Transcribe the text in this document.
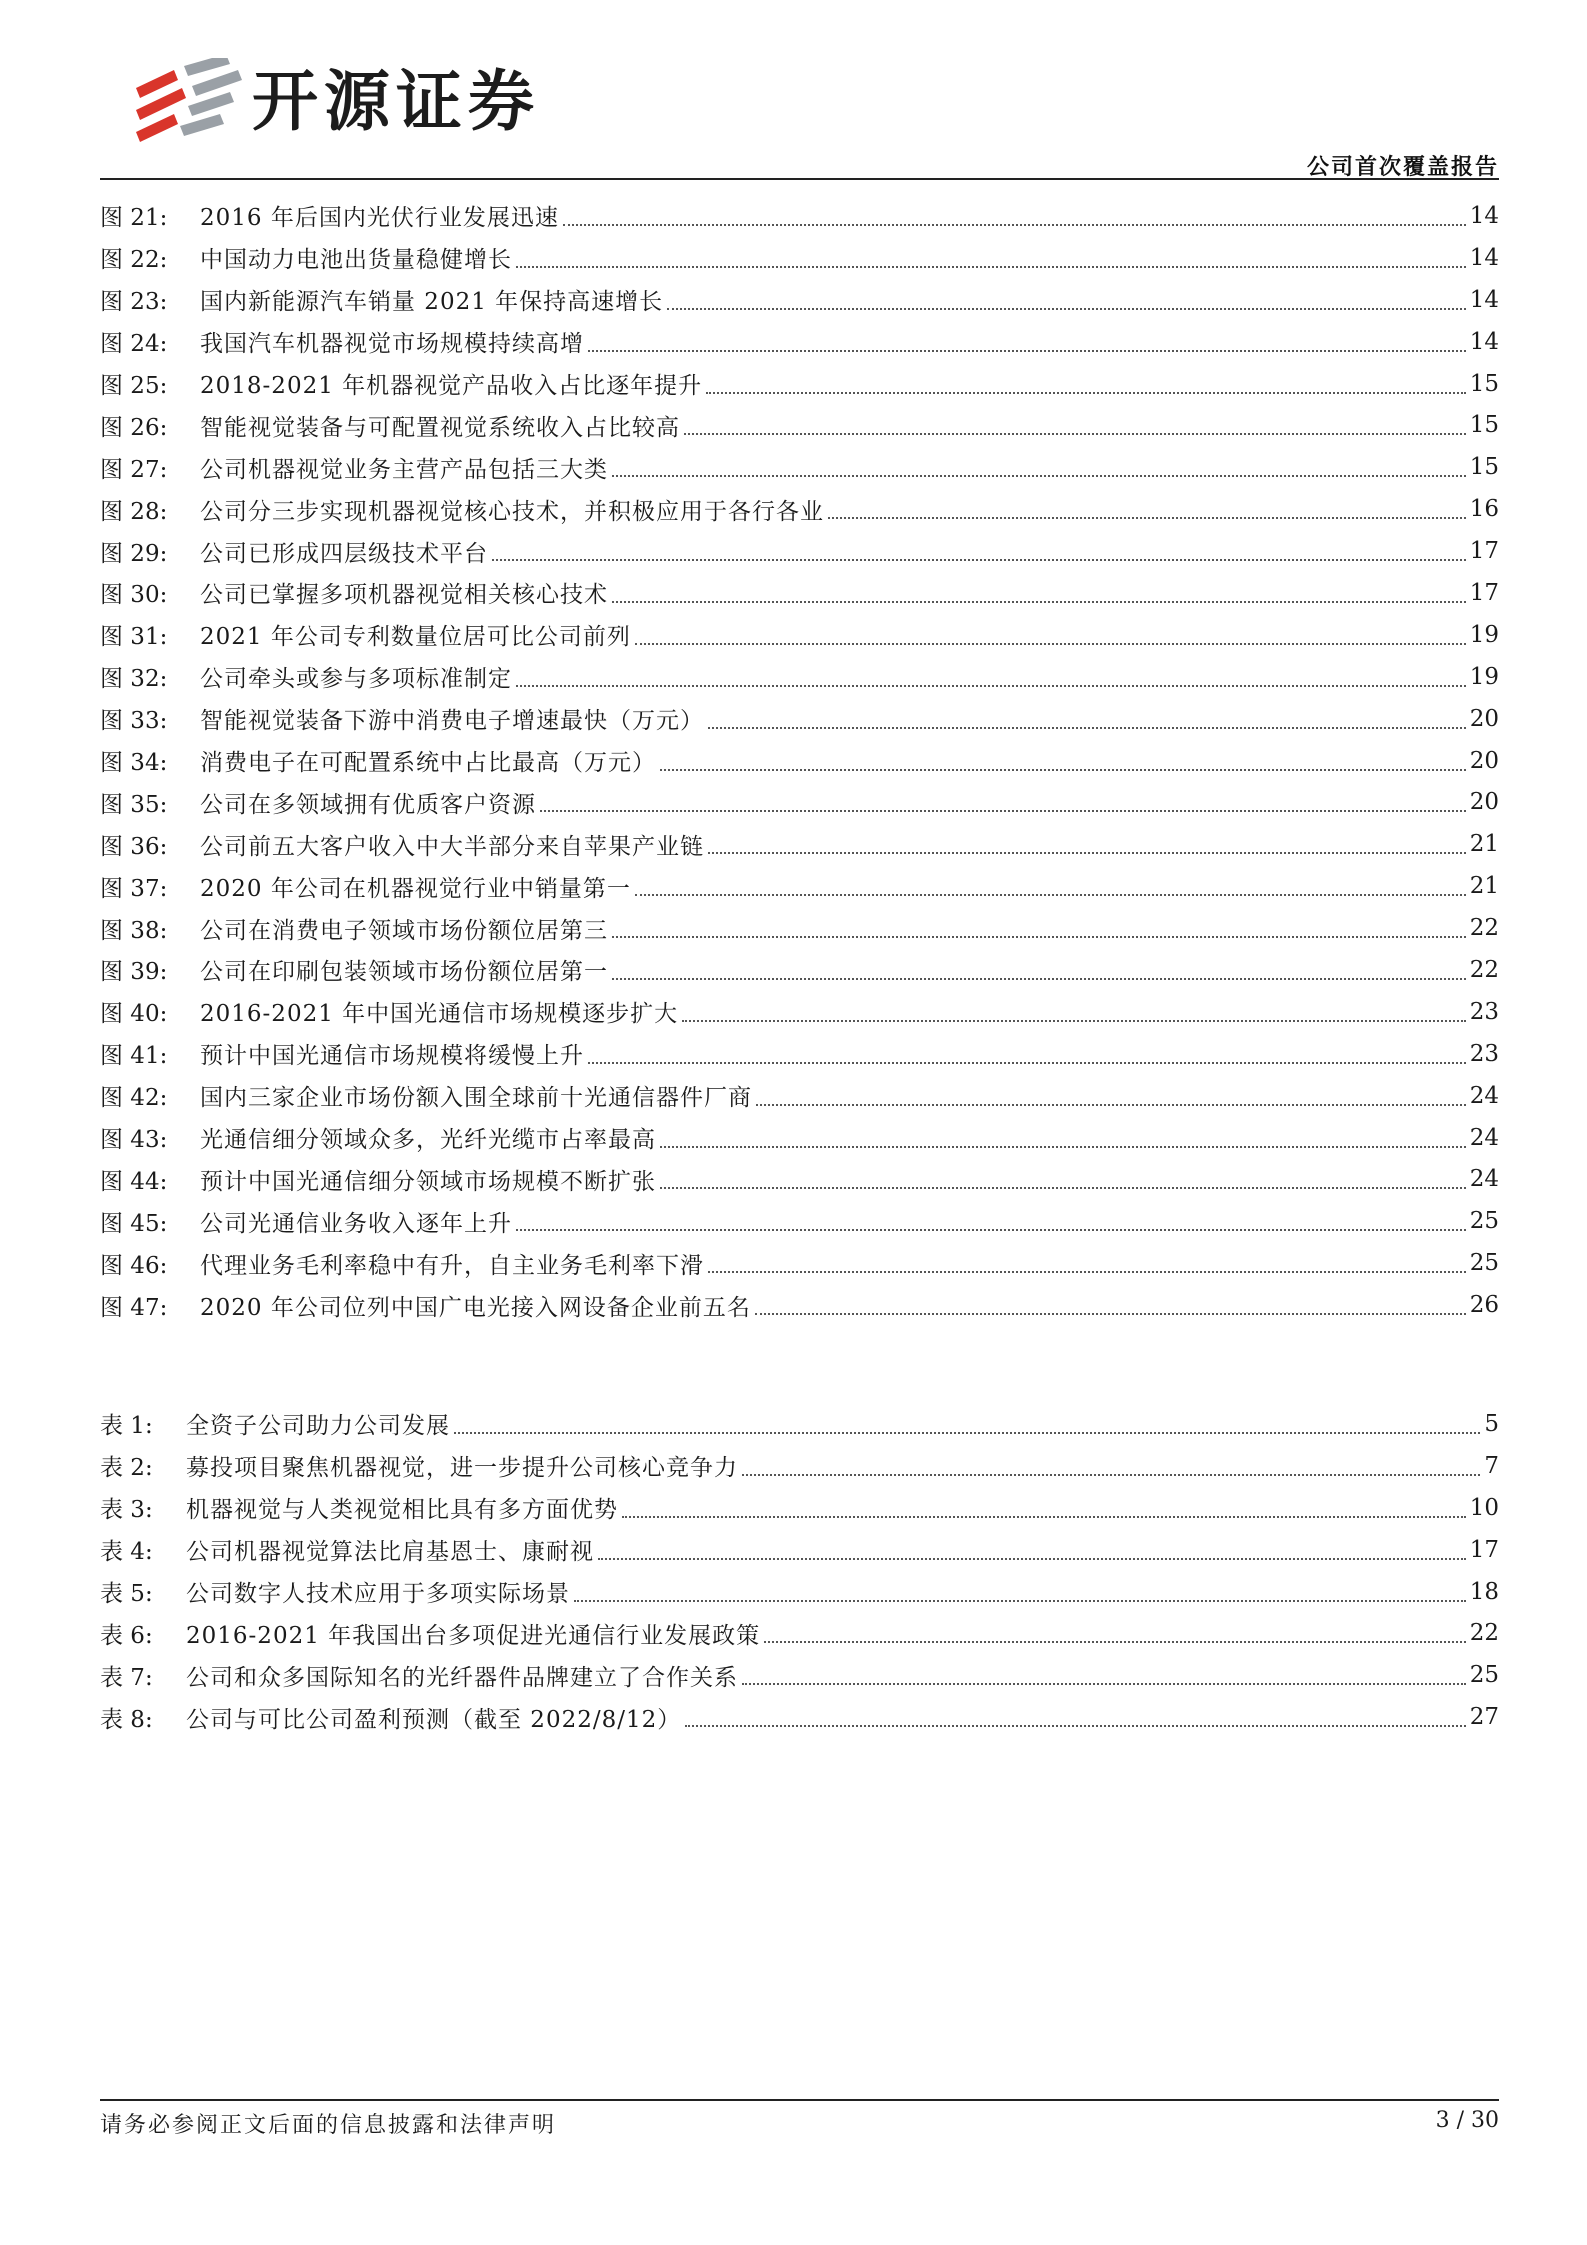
开源证券
公司首次覆盖报告
图 21:	2016 年后国内光伏行业发展迅速	14
图 22:	中国动力电池出货量稳健增长	14
图 23:	国内新能源汽车销量 2021 年保持高速增长	14
图 24:	我国汽车机器视觉市场规模持续高增	14
图 25:	2018-2021 年机器视觉产品收入占比逐年提升	15
图 26:	智能视觉装备与可配置视觉系统收入占比较高	15
图 27:	公司机器视觉业务主营产品包括三大类	15
图 28:	公司分三步实现机器视觉核心技术，并积极应用于各行各业	16
图 29:	公司已形成四层级技术平台	17
图 30:	公司已掌握多项机器视觉相关核心技术	17
图 31:	2021 年公司专利数量位居可比公司前列	19
图 32:	公司牵头或参与多项标准制定	19
图 33:	智能视觉装备下游中消费电子增速最快（万元）	20
图 34:	消费电子在可配置系统中占比最高（万元）	20
图 35:	公司在多领域拥有优质客户资源	20
图 36:	公司前五大客户收入中大半部分来自苹果产业链	21
图 37:	2020 年公司在机器视觉行业中销量第一	21
图 38:	公司在消费电子领域市场份额位居第三	22
图 39:	公司在印刷包装领域市场份额位居第一	22
图 40:	2016-2021 年中国光通信市场规模逐步扩大	23
图 41:	预计中国光通信市场规模将缓慢上升	23
图 42:	国内三家企业市场份额入围全球前十光通信器件厂商	24
图 43:	光通信细分领域众多，光纤光缆市占率最高	24
图 44:	预计中国光通信细分领域市场规模不断扩张	24
图 45:	公司光通信业务收入逐年上升	25
图 46:	代理业务毛利率稳中有升，自主业务毛利率下滑	25
图 47:	2020 年公司位列中国广电光接入网设备企业前五名	26
表 1:	全资子公司助力公司发展	5
表 2:	募投项目聚焦机器视觉，进一步提升公司核心竞争力	7
表 3:	机器视觉与人类视觉相比具有多方面优势	10
表 4:	公司机器视觉算法比肩基恩士、康耐视	17
表 5:	公司数字人技术应用于多项实际场景	18
表 6:	2016-2021 年我国出台多项促进光通信行业发展政策	22
表 7:	公司和众多国际知名的光纤器件品牌建立了合作关系	25
表 8:	公司与可比公司盈利预测（截至 2022/8/12）	27
请务必参阅正文后面的信息披露和法律声明	3 / 30
